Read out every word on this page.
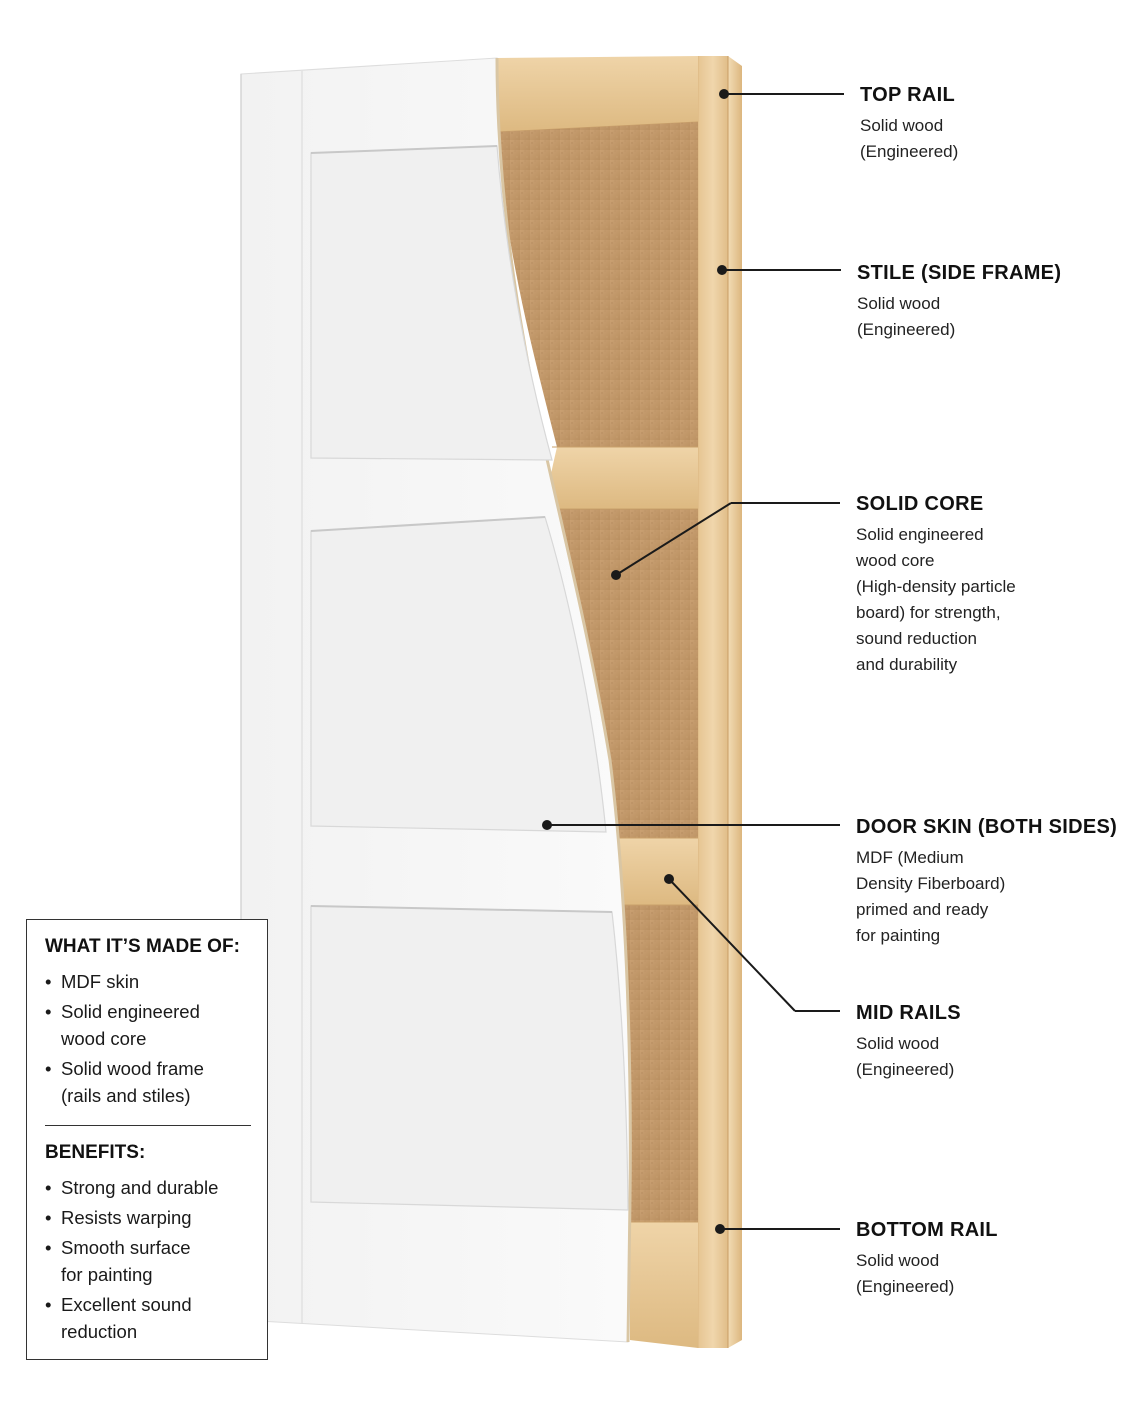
TOP RAIL
Solid wood
(Engineered)
STILE (SIDE FRAME)
Solid wood
(Engineered)
SOLID CORE
Solid engineered
wood core
(High-density particle
board) for strength,
sound reduction
and durability
DOOR SKIN (BOTH SIDES)
MDF (Medium
Density Fiberboard)
primed and ready
for painting
MID RAILS
Solid wood
(Engineered)
BOTTOM RAIL
Solid wood
(Engineered)
WHAT IT’S MADE OF:
• MDF skin
• Solid engineered
wood core
• Solid wood frame
(rails and stiles)
BENEFITS:
• Strong and durable
• Resists warping
• Smooth surface
for painting
• Excellent sound
reduction
